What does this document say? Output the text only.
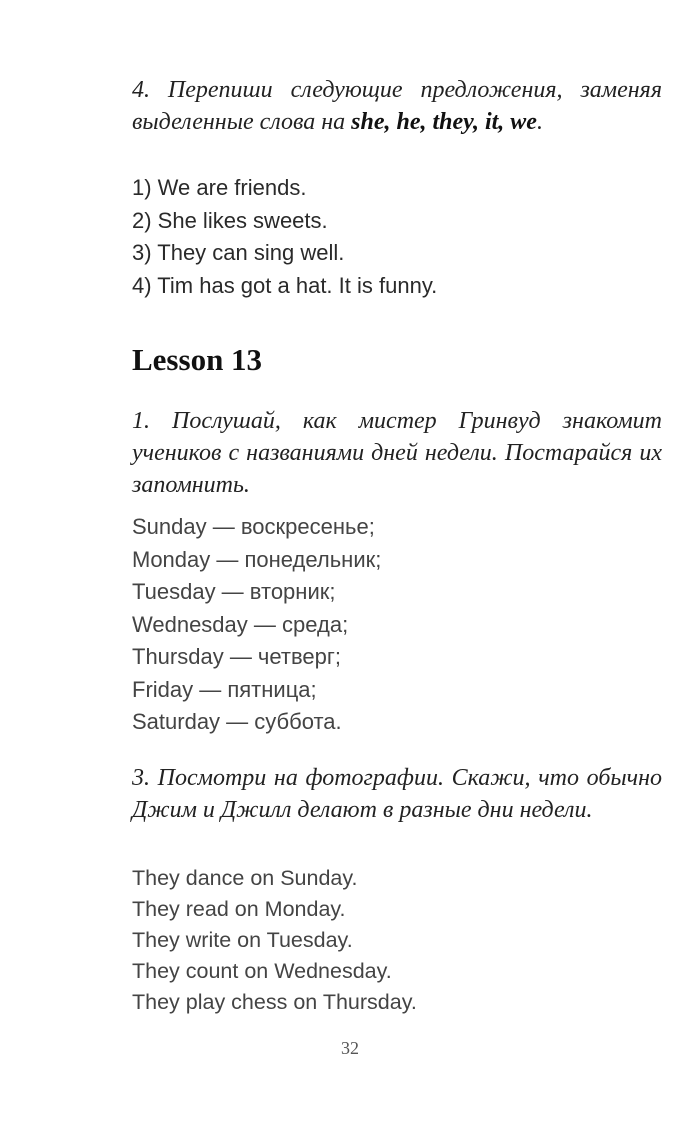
4. Перепиши следующие предложения, заменяя выделенные слова на she, he, they, it, we.

1) We are friends.
2) She likes sweets.
3) They can sing well.
4) Tim has got a hat. It is funny.
Lesson 13

1. Послушай, как мистер Гринвуд знакомит учеников с названиями дней недели. Постарайся их запомнить.

Sunday — воскресенье;
Monday — понедельник;
Tuesday — вторник;
Wednesday — среда;
Thursday — четверг;
Friday — пятница;
Saturday — суббота.

3. Посмотри на фотографии. Скажи, что обычно Джим и Джилл делают в разные дни недели.

They dance on Sunday.
They read on Monday.
They write on Tuesday.
They count on Wednesday.
They play chess on Thursday.
32
